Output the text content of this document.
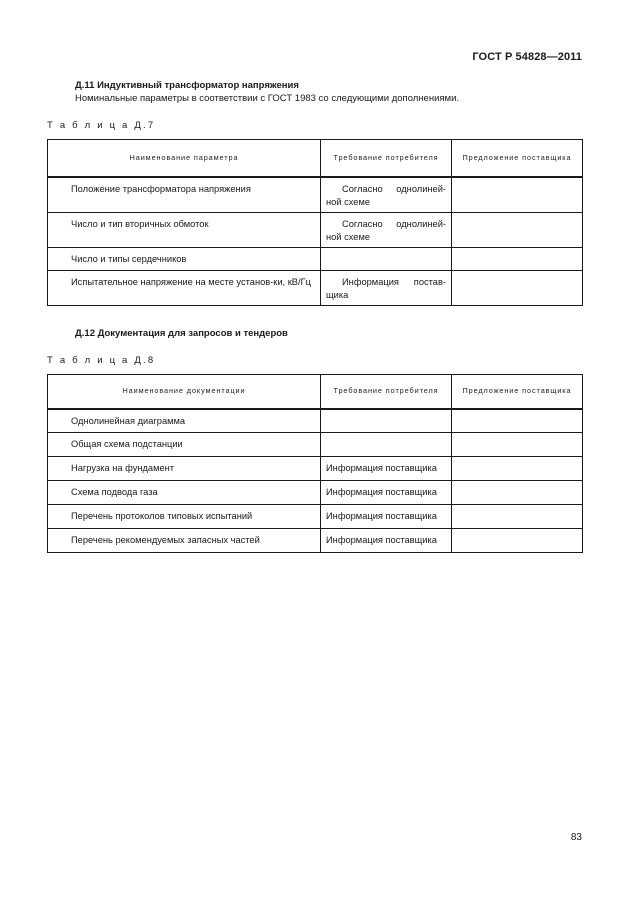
ГОСТ Р 54828—2011
Д.11 Индуктивный трансформатор напряжения
Номинальные параметры в соответствии с ГОСТ 1983 со следующими дополнениями.
Т а б л и ц а Д.7
Наименование параметра	Требование потребителя	Предложение поставщика
Положение трансформатора напряжения	Согласно однолиней-ной схеме	
Число и тип вторичных обмоток	Согласно однолиней-ной схеме	
Число и типы сердечников		
Испытательное напряжение на месте установ-ки, кВ/Гц	Информация постав-щика	
Д.12 Документация для запросов и тендеров
Т а б л и ц а Д.8
Наименование документации	Требование потребителя	Предложение поставщика
Однолинейная диаграмма		
Общая схема подстанции		
Нагрузка на фундамент	Информация поставщика	
Схема подвода газа	Информация поставщика	
Перечень протоколов типовых испытаний	Информация поставщика	
Перечень рекомендуемых запасных частей	Информация поставщика	
83
